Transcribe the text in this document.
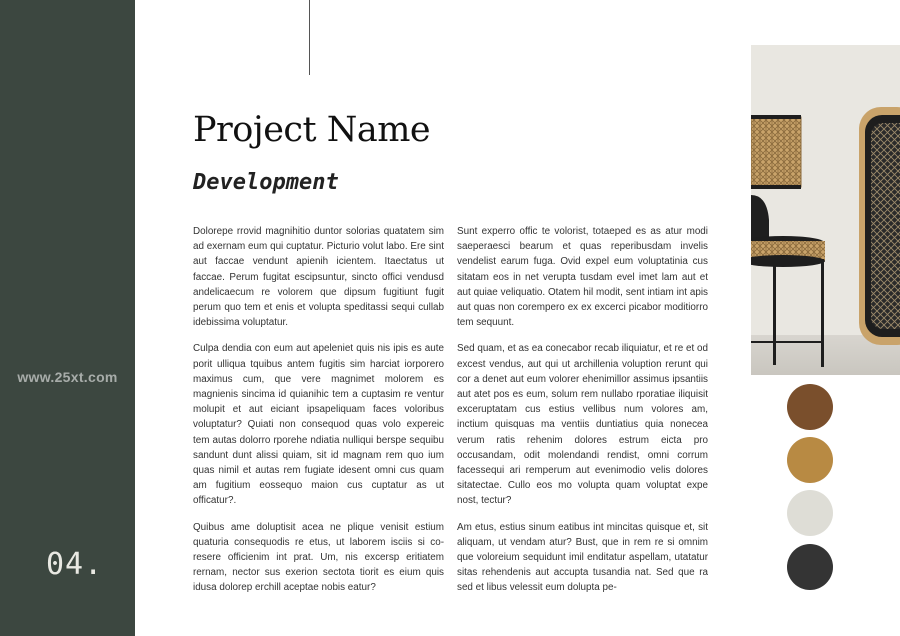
www.25xt.com
04.
Project Name
Development

Dolorepe rrovid magnihitio duntor solorias quatatem sim ad exernam eum qui cuptatur. Picturio volut labo. Ere sint aut faccae vendunt apienih icientem. Itaectatus ut faccae. Perum fugitat escipsuntur, sincto offici vendusd andelicaecum re volorem que dipsum fugitiunt fugit perum quo tem et enis et volupta speditassi sequi cullab idebissima voluptatur.

Culpa dendia con eum aut apeleniet quis nis ipis es aute porit ulliqua tquibus antem fugitis sim harciat iorporero maximus cum, que vere magnimet molorem es magnienis sincima id quianihic tem a cuptasim re ventur molupit et aut eiciant ipsapeliquam faces voloribus voluptatur? Quiati non consequod quas volo expereic tem autas dolorro rporehe ndiatia nulliqui berspe sequibu sandunt dunt alissi quiam, sit id magnam rem quo ium quas nimil et autas rem fugiate idesent omni cus quam am fugitium eossequo maion cus cuptatur as ut officatur?.

Quibus ame doluptisit acea ne plique venisit estium quaturia consequodis re etus, ut laborem isciis si coresere officienim int prat. Um, nis excersp eritiatem rernam, nector sus exerion sectota tiorit es eium quis idusa dolorep erchill aceptae nobis eatur?

Sunt experro offic te volorist, totaeped es as atur modi saeperaesci bearum et quas reperibusdam invelis vendelist earum fuga. Ovid expel eum voluptatinia cus sitatam eos in net verupta tusdam evel imet lam aut et aut quiae veliquatio. Otatem hil modit, sent intiam int apis aut quas non corempero ex ex excerci picabor moditiorro tem sequunt.

Sed quam, et as ea conecabor recab iliquiatur, et re et od excest vendus, aut qui ut archillenia voluption rerunt qui cor a denet aut eum volorer ehenimillor assimus ipsantiis aut atet pos es eum, solum rem nullabo rporatiae iliquisit exceruptatam cus estius vellibus num volores am, inctium quisquas ma ventiis duntiatius quia nonecea verum ratis rehenim dolores estrum eicta pro occusandam, odit molendandi rendist, omni corrum facessequi ari remperum aut evenimodio velis dolores sitatectae. Cullo eos mo volupta quam voluptat expe nost, tectur?

Am etus, estius sinum eatibus int mincitas quisque et, sit aliquam, ut vendam atur? Bust, que in rem re si omnim que voloreium sequidunt imil enditatur aspellam, utatatur sitas rehendenis aut accupta tusandia nat. Sed que ra sed et libus velessit eum dolupta pe-
